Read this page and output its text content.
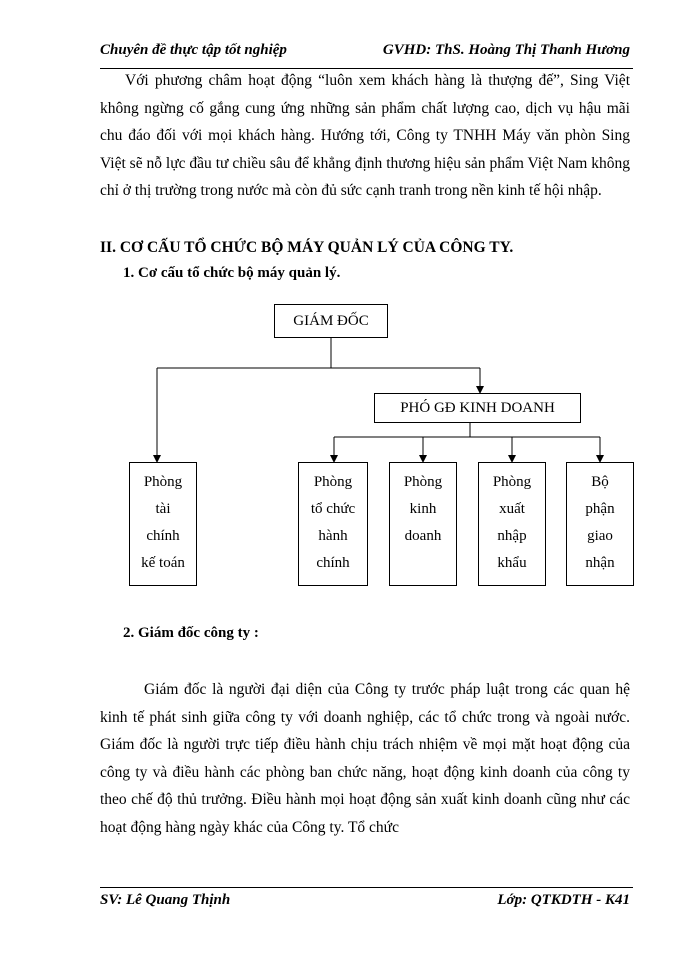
Chuyên đề thực tập tốt nghiệp	GVHD: ThS. Hoàng Thị Thanh Hương
Với phương châm hoạt động “luôn xem khách hàng là thượng đế”, Sing Việt không ngừng cố gắng cung ứng những sản phẩm chất lượng cao, dịch vụ hậu mãi chu đáo đối với mọi khách hàng. Hướng tới, Công ty TNHH Máy văn phòn Sing Việt sẽ nỗ lực đầu tư chiều sâu để khẳng định thương hiệu sản phẩm Việt Nam không chỉ ở thị trường trong nước mà còn đủ sức cạnh tranh trong nền kinh tế hội nhập.
II. CƠ CẤU TỔ CHỨC BỘ MÁY QUẢN LÝ CỦA CÔNG TY.
1. Cơ cấu tổ chức bộ máy quản lý.
GIÁM ĐỐC
PHÓ GĐ KINH DOANH
Phòng
tài
chính
kế toán
Phòng
tổ chức
hành
chính
Phòng
kinh
doanh
Phòng
xuất
nhập
khẩu
Bộ
phận
giao
nhận
2. Giám đốc công ty :
Giám đốc là người đại diện của Công ty trước pháp luật trong các quan hệ kinh tế phát sinh giữa công ty với doanh nghiệp, các tổ chức trong và ngoài nước. Giám đốc là người trực tiếp điều hành chịu trách nhiệm về mọi mặt hoạt động của công ty và điều hành các phòng ban chức năng, hoạt động kinh doanh của công ty theo chế độ thủ trưởng. Điều hành mọi hoạt động sản xuất kinh doanh cũng như các hoạt động hàng ngày khác của Công ty. Tổ chức
SV: Lê Quang Thịnh	Lớp: QTKDTH - K41
